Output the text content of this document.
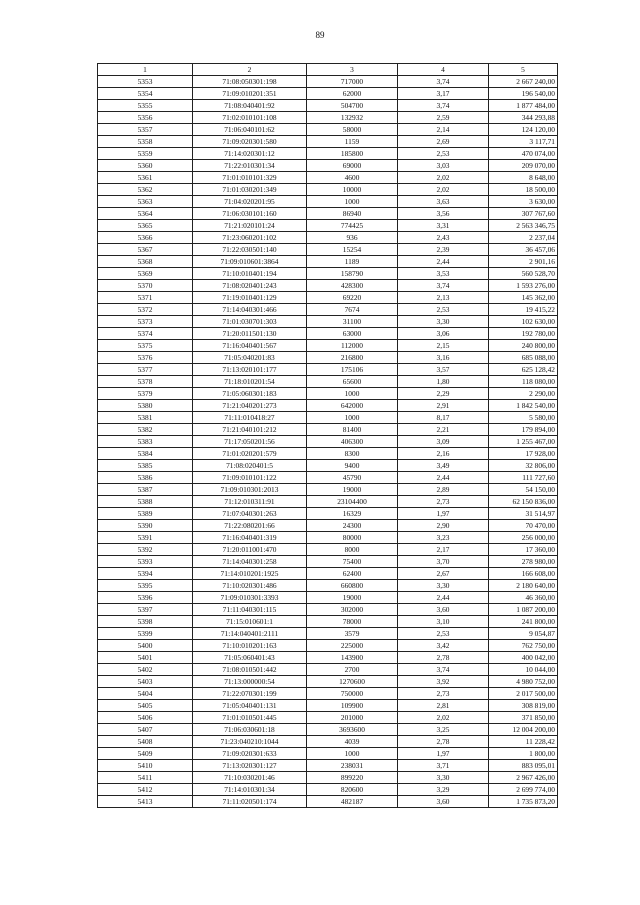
89
1	2	3	4	5
5353	71:08:050301:198	717000	3,74	2 667 240,00
5354	71:09:010201:351	62000	3,17	196 540,00
5355	71:08:040401:92	504700	3,74	1 877 484,00
5356	71:02:010101:108	132932	2,59	344 293,88
5357	71:06:040101:62	58000	2,14	124 120,00
5358	71:09:020301:580	1159	2,69	3 117,71
5359	71:14:020301:12	185800	2,53	470 074,00
5360	71:22:010301:34	69000	3,03	209 070,00
5361	71:01:010101:329	4600	2,02	8 648,00
5362	71:01:030201:349	10000	2,02	18 500,00
5363	71:04:020201:95	1000	3,63	3 630,00
5364	71:06:030101:160	86940	3,56	307 767,60
5365	71:21:020101:24	774425	3,31	2 563 346,75
5366	71:23:060201:102	936	2,43	2 237,04
5367	71:22:030501:140	15254	2,39	36 457,06
5368	71:09:010601:3864	1189	2,44	2 901,16
5369	71:10:010401:194	158790	3,53	560 528,70
5370	71:08:020401:243	428300	3,74	1 593 276,00
5371	71:19:010401:129	69220	2,13	145 362,00
5372	71:14:040301:466	7674	2,53	19 415,22
5373	71:01:030701:303	31100	3,30	102 630,00
5374	71:20:011501:130	63000	3,06	192 780,00
5375	71:16:040401:567	112000	2,15	240 800,00
5376	71:05:040201:83	216800	3,16	685 088,00
5377	71:13:020101:177	175106	3,57	625 128,42
5378	71:18:010201:54	65600	1,80	118 080,00
5379	71:05:060301:183	1000	2,29	2 290,00
5380	71:21:040201:273	642000	2,91	1 842 540,00
5381	71:11:010418:27	1000	8,17	5 580,00
5382	71:21:040101:212	81400	2,21	179 894,00
5383	71:17:050201:56	406300	3,09	1 255 467,00
5384	71:01:020201:579	8300	2,16	17 928,00
5385	71:08:020401:5	9400	3,49	32 806,00
5386	71:09:010101:122	45790	2,44	111 727,60
5387	71:09:010301:2013	19000	2,89	54 150,00
5388	71:12:010311:91	23104400	2,73	62 150 836,00
5389	71:07:040301:263	16329	1,97	31 514,97
5390	71:22:080201:66	24300	2,90	70 470,00
5391	71:16:040401:319	80000	3,23	256 000,00
5392	71:20:011001:470	8000	2,17	17 360,00
5393	71:14:040301:258	75400	3,70	278 980,00
5394	71:14:010201:1925	62400	2,67	166 608,00
5395	71:10:020301:486	660800	3,30	2 180 640,00
5396	71:09:010301:3393	19000	2,44	46 360,00
5397	71:11:040301:115	302000	3,60	1 087 200,00
5398	71:15:010601:1	78000	3,10	241 800,00
5399	71:14:040401:2111	3579	2,53	9 054,87
5400	71:10:010201:163	225000	3,42	762 750,00
5401	71:05:060401:43	143900	2,78	400 042,00
5402	71:08:010501:442	2700	3,74	10 044,00
5403	71:13:000000:54	1270600	3,92	4 980 752,00
5404	71:22:070301:199	750000	2,73	2 017 500,00
5405	71:05:040401:131	109900	2,81	308 819,00
5406	71:01:010501:445	201000	2,02	371 850,00
5407	71:06:030601:18	3693600	3,25	12 004 200,00
5408	71:23:040210:1044	4039	2,78	11 228,42
5409	71:09:020301:633	1000	1,97	1 800,00
5410	71:13:020301:127	238031	3,71	883 095,01
5411	71:10:030201:46	899220	3,30	2 967 426,00
5412	71:14:010301:34	820600	3,29	2 699 774,00
5413	71:11:020501:174	482187	3,60	1 735 873,20
